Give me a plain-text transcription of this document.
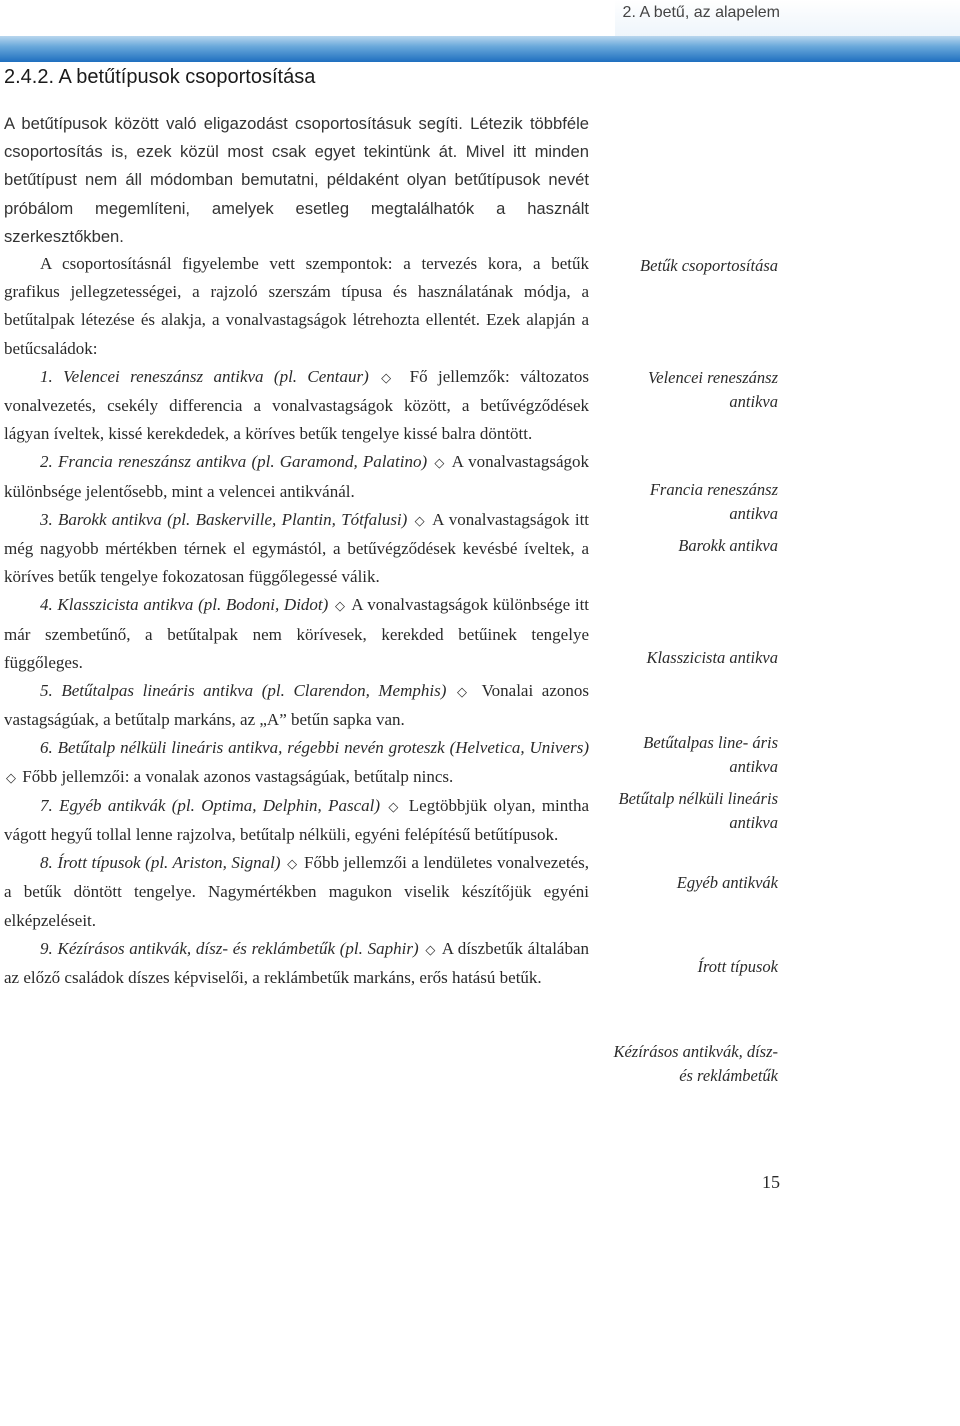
2. A betű, az alapelem
2.4.2. A betűtípusok csoportosítása
A betűtípusok között való eligazodást csoportosításuk segíti. Létezik többféle csoportosítás is, ezek közül most csak egyet tekintünk át. Mivel itt minden betűtípust nem áll módomban bemutatni, példaként olyan betűtípusok nevét próbálom megemlíteni, amelyek esetleg megtalálhatók a használt szerkesztőkben.

A csoportosításnál figyelembe vett szempontok: a tervezés kora, a betűk grafikus jellegzetességei, a rajzoló szerszám típusa és használatának módja, a betűtalpak létezése és alakja, a vonalvastagságok létrehozta ellentét. Ezek alapján a betűcsaládok:

1. Velencei reneszánsz antikva (pl. Centaur) ◇ Fő jellemzők: változatos vonalvezetés, csekély differencia a vonalvastagságok között, a betűvégződések lágyan íveltek, kissé kerekdedek, a köríves betűk tengelye kissé balra döntött.

2. Francia reneszánsz antikva (pl. Garamond, Palatino) ◇ A vonalvastagságok különbsége jelentősebb, mint a velencei antikvánál.

3. Barokk antikva (pl. Baskerville, Plantin, Tótfalusi) ◇ A vonalvastagságok itt még nagyobb mértékben térnek el egymástól, a betűvégződések kevésbé íveltek, a köríves betűk tengelye fokozatosan függőlegessé válik.

4. Klasszicista antikva (pl. Bodoni, Didot) ◇ A vonalvastagságok különbsége itt már szembetűnő, a betűtalpak nem körívesek, kerekded betűinek tengelye függőleges.

5. Betűtalpas lineáris antikva (pl. Clarendon, Memphis) ◇ Vonalai azonos vastagságúak, a betűtalp markáns, az „A” betűn sapka van.

6. Betűtalp nélküli lineáris antikva, régebbi nevén groteszk (Helvetica, Univers) ◇ Főbb jellemzői: a vonalak azonos vastagságúak, betűtalp nincs.

7. Egyéb antikvák (pl. Optima, Delphin, Pascal) ◇ Legtöbbjük olyan, mintha vágott hegyű tollal lenne rajzolva, betűtalp nélküli, egyéni felépítésű betűtípusok.

8. Írott típusok (pl. Ariston, Signal) ◇ Főbb jellemzői a lendületes vonalvezetés, a betűk döntött tengelye. Nagymértékben magukon viselik készítőjük egyéni elképzeléseit.

9. Kézírásos antikvák, dísz- és reklámbetűk (pl. Saphir) ◇ A díszbetűk általában az előző családok díszes képviselői, a reklámbetűk markáns, erős hatású betűk.

Betűk csoportosítása
Velencei reneszánsz antikva
Francia reneszánsz antikva
Barokk antikva
Klasszicista antikva
Betűtalpas line- áris antikva
Betűtalp nélküli lineáris antikva
Egyéb antikvák
Írott típusok
Kézírásos antikvák, dísz- és reklámbetűk
15
